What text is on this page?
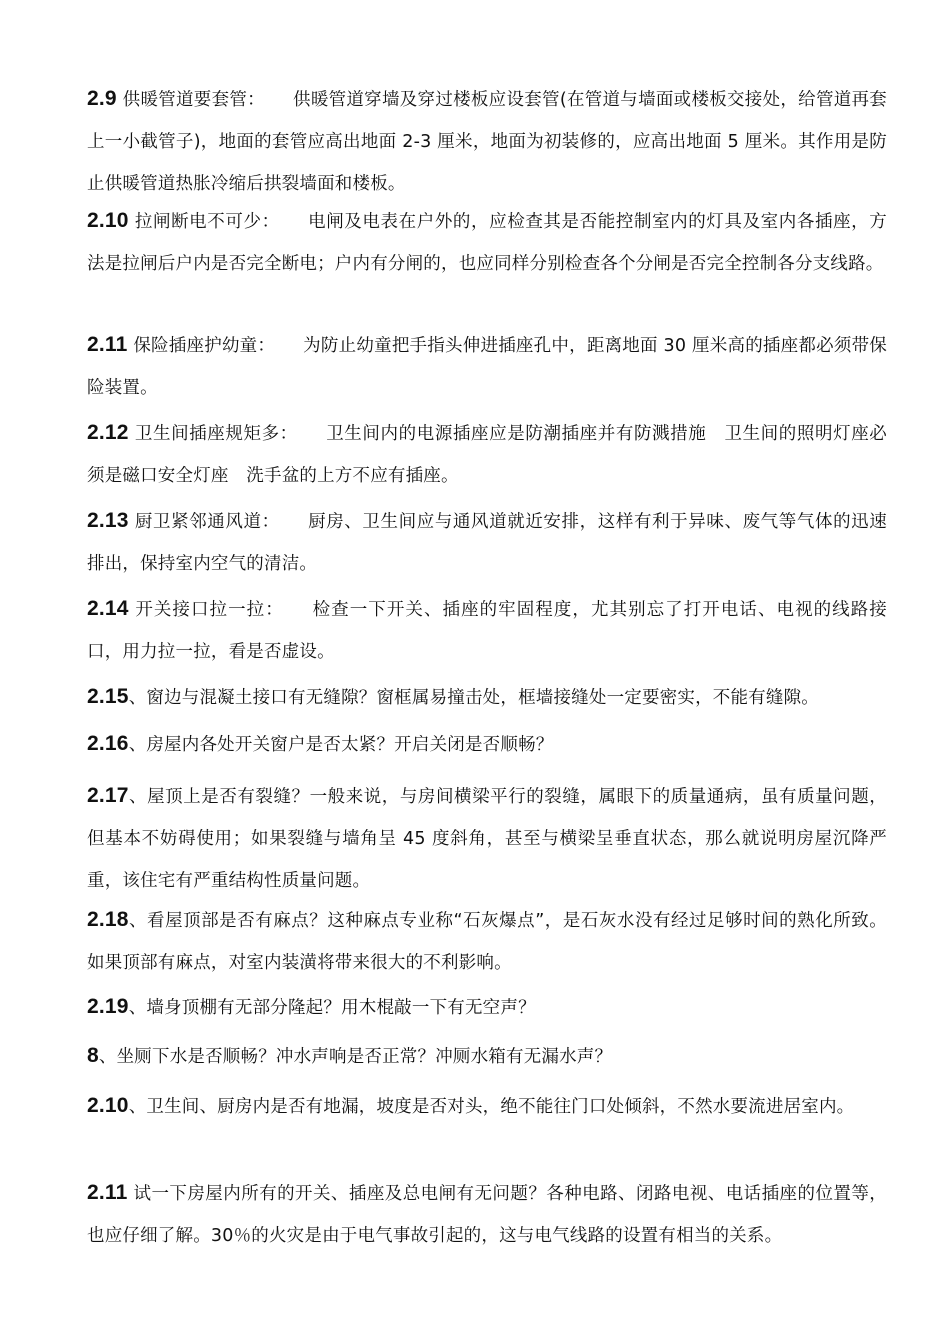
2.9 供暖管道要套管： 供暖管道穿墙及穿过楼板应设套管(在管道与墙面或楼板交接处，给管道再套上一小截管子)，地面的套管应高出地面 2-3 厘米，地面为初装修的，应高出地面 5 厘米。其作用是防止供暖管道热胀冷缩后拱裂墙面和楼板。
2.10 拉闸断电不可少： 电闸及电表在户外的，应检查其是否能控制室内的灯具及室内各插座，方法是拉闸后户内是否完全断电；户内有分闸的，也应同样分别检查各个分闸是否完全控制各分支线路。
2.11 保险插座护幼童： 为防止幼童把手指头伸进插座孔中，距离地面 30 厘米高的插座都必须带保险装置。
2.12 卫生间插座规矩多： 卫生间内的电源插座应是防潮插座并有防溅措施　卫生间的照明灯座必须是磁口安全灯座　洗手盆的上方不应有插座。
2.13 厨卫紧邻通风道： 厨房、卫生间应与通风道就近安排，这样有利于异味、废气等气体的迅速排出，保持室内空气的清洁。
2.14 开关接口拉一拉： 检查一下开关、插座的牢固程度，尤其别忘了打开电话、电视的线路接口，用力拉一拉，看是否虚设。
2.15、窗边与混凝土接口有无缝隙？窗框属易撞击处，框墙接缝处一定要密实，不能有缝隙。
2.16、房屋内各处开关窗户是否太紧？开启关闭是否顺畅？
2.17、屋顶上是否有裂缝？一般来说，与房间横梁平行的裂缝，属眼下的质量通病，虽有质量问题，但基本不妨碍使用；如果裂缝与墙角呈 45 度斜角，甚至与横梁呈垂直状态，那么就说明房屋沉降严重，该住宅有严重结构性质量问题。
2.18、看屋顶部是否有麻点？这种麻点专业称“石灰爆点”，是石灰水没有经过足够时间的熟化所致。如果顶部有麻点，对室内装潢将带来很大的不利影响。
2.19、墙身顶棚有无部分隆起？用木棍敲一下有无空声？
8、坐厕下水是否顺畅？冲水声响是否正常？冲厕水箱有无漏水声？
2.10、卫生间、厨房内是否有地漏，坡度是否对头，绝不能往门口处倾斜，不然水要流进居室内。
2.11 试一下房屋内所有的开关、插座及总电闸有无问题？各种电路、闭路电视、电话插座的位置等，也应仔细了解。30％的火灾是由于电气事故引起的，这与电气线路的设置有相当的关系。
